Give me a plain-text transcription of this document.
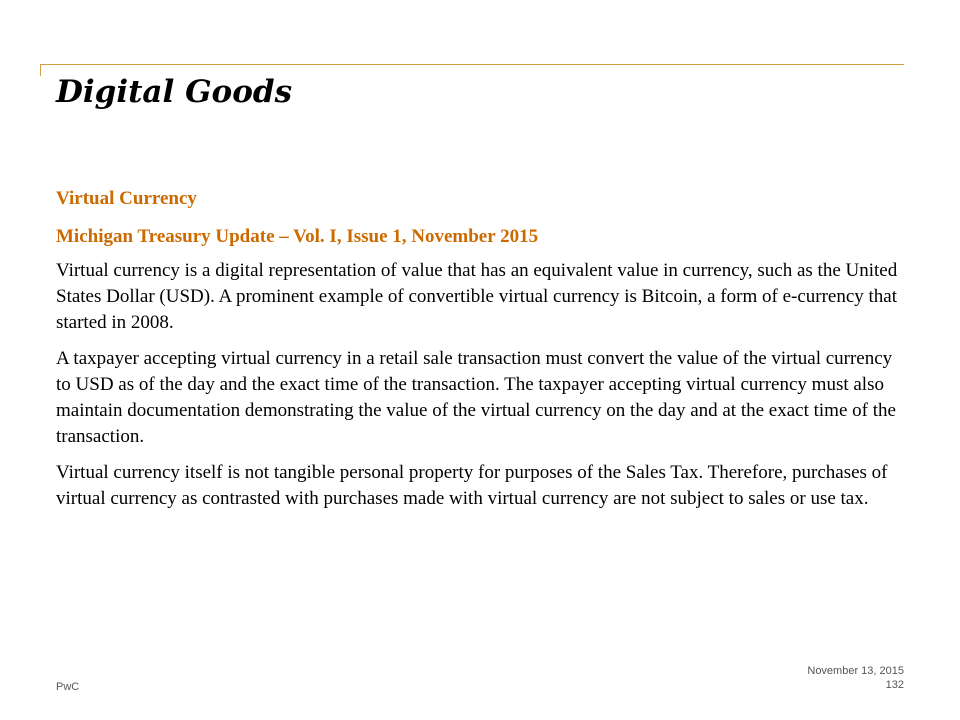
Digital Goods

Virtual Currency

Michigan Treasury Update – Vol. I, Issue 1, November 2015

Virtual currency is a digital representation of value that has an equivalent value in currency, such as the United States Dollar (USD). A prominent example of convertible virtual currency is Bitcoin, a form of e-currency that started in 2008.

A taxpayer accepting virtual currency in a retail sale transaction must convert the value of the virtual currency to USD as of the day and the exact time of the transaction. The taxpayer accepting virtual currency must also maintain documentation demonstrating the value of the virtual currency on the day and at the exact time of the transaction.

Virtual currency itself is not tangible personal property for purposes of the Sales Tax. Therefore, purchases of virtual currency as contrasted with purchases made with virtual currency are not subject to sales or use tax.

PwC
November 13, 2015
132
